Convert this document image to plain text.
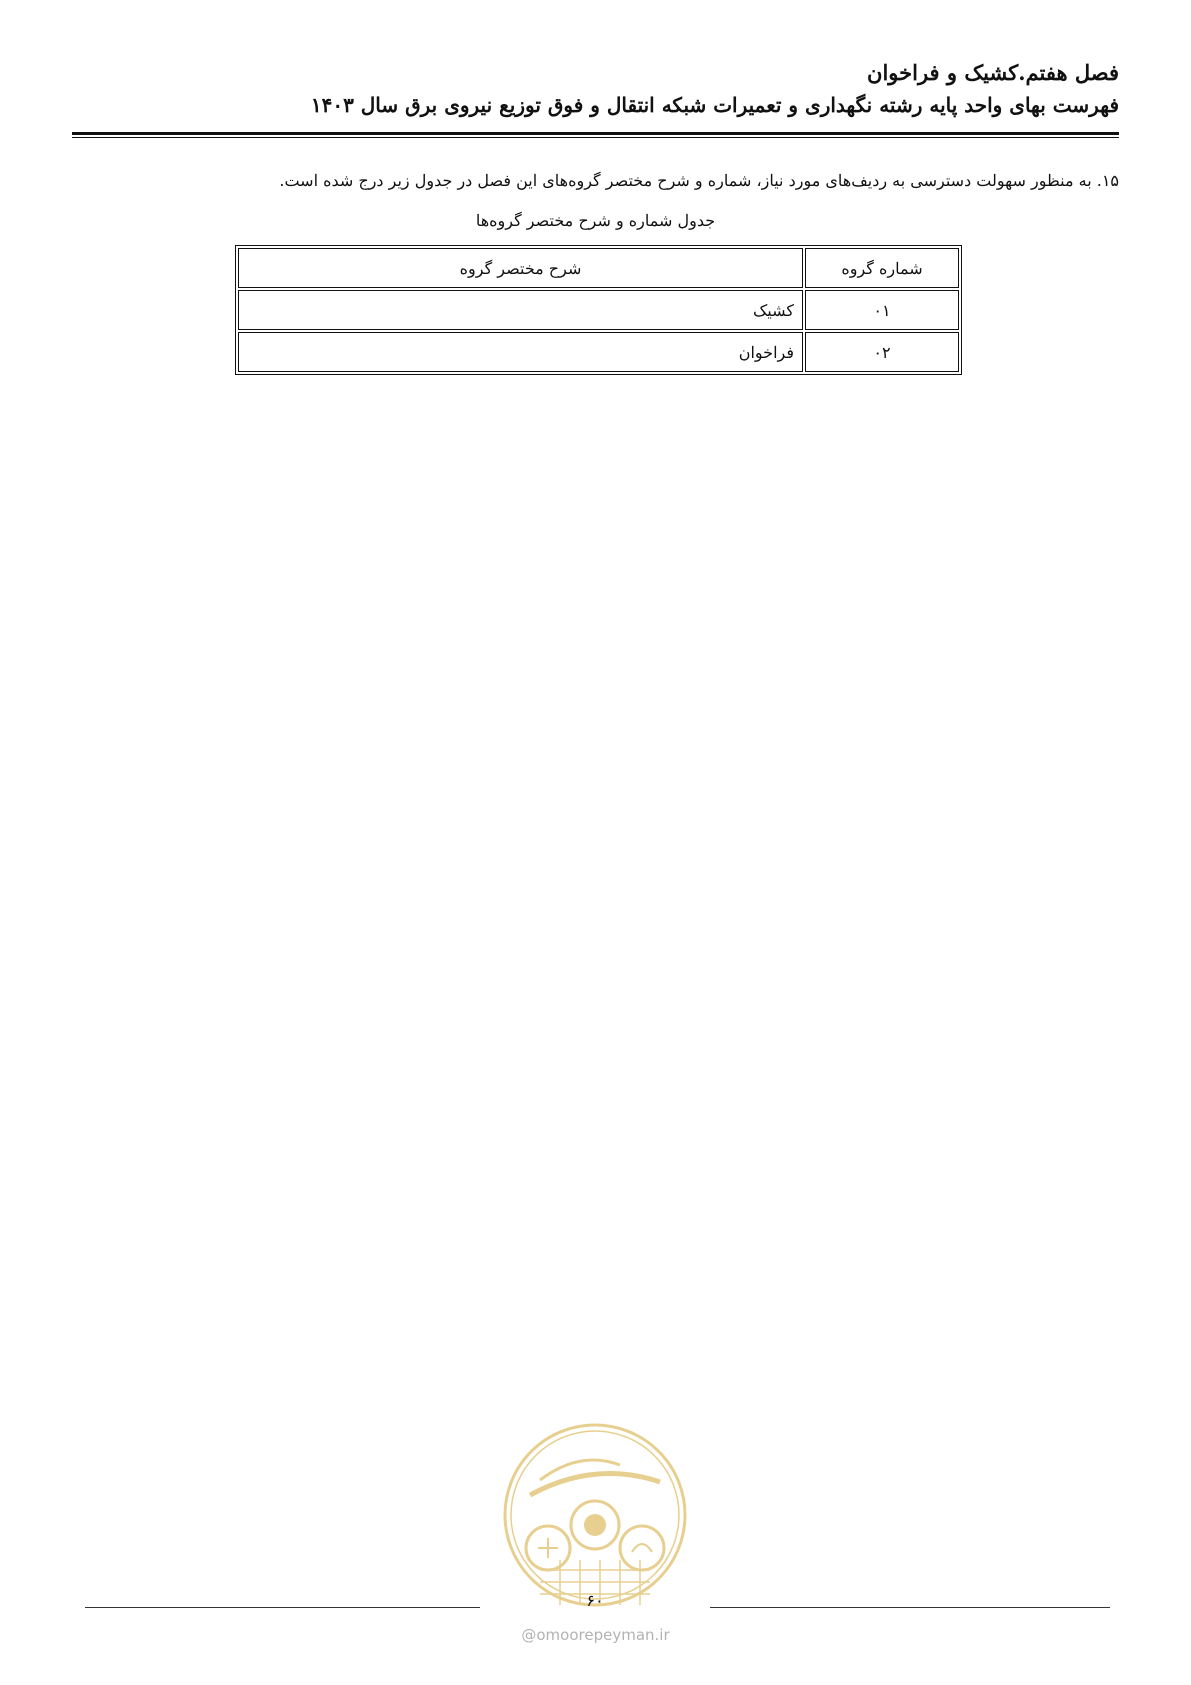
فصل هفتم.کشیک و فراخوان
فهرست بهای واحد پایه رشته نگهداری و تعمیرات شبکه انتقال و فوق توزیع نیروی برق سال ۱۴۰۳
۱۵. به منظور سهولت دسترسی به ردیف‌های مورد نیاز، شماره و شرح مختصر گروه‌های این فصل در جدول زیر درج شده است.
جدول شماره و شرح مختصر گروه‌ها
شماره گروه	شرح مختصر گروه
۰۱	کشیک
۰۲	فراخوان
۶۰
@omoorepeyman.ir
